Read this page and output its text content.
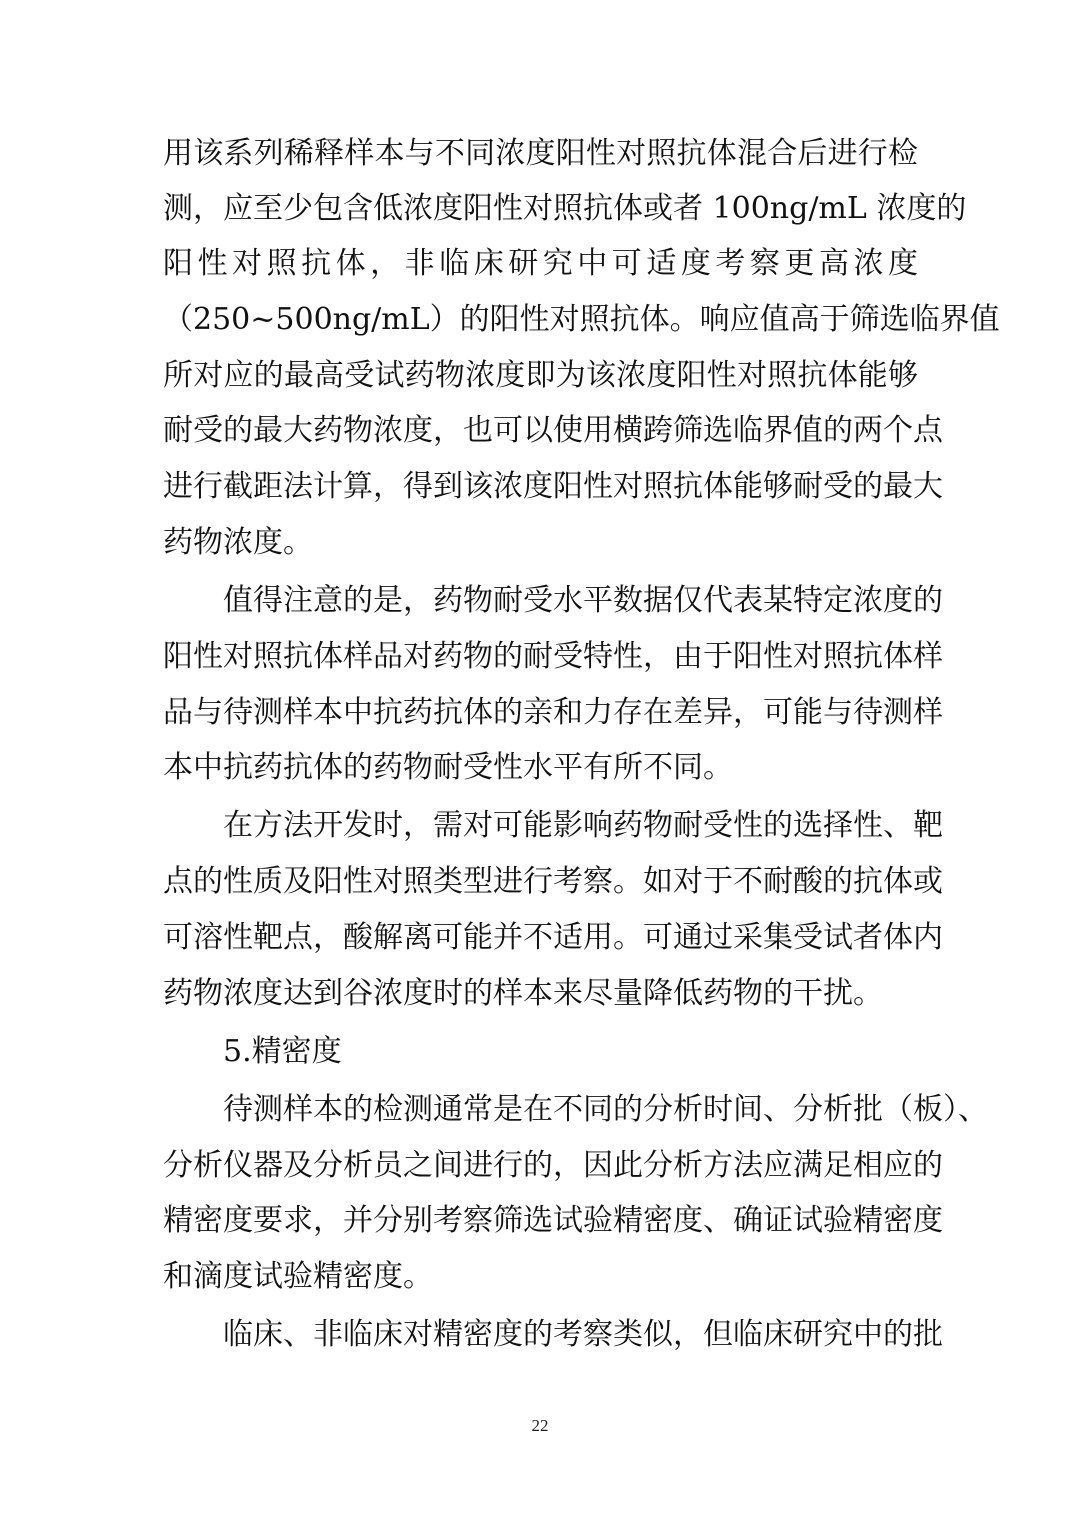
用该系列稀释样本与不同浓度阳性对照抗体混合后进行检
测，应至少包含低浓度阳性对照抗体或者 100ng/mL 浓度的
阳性对照抗体，非临床研究中可适度考察更高浓度
（250~500ng/mL）的阳性对照抗体。响应值高于筛选临界值
所对应的最高受试药物浓度即为该浓度阳性对照抗体能够
耐受的最大药物浓度，也可以使用横跨筛选临界值的两个点
进行截距法计算，得到该浓度阳性对照抗体能够耐受的最大
药物浓度。
值得注意的是，药物耐受水平数据仅代表某特定浓度的
阳性对照抗体样品对药物的耐受特性，由于阳性对照抗体样
品与待测样本中抗药抗体的亲和力存在差异，可能与待测样
本中抗药抗体的药物耐受性水平有所不同。
在方法开发时，需对可能影响药物耐受性的选择性、靶
点的性质及阳性对照类型进行考察。如对于不耐酸的抗体或
可溶性靶点，酸解离可能并不适用。可通过采集受试者体内
药物浓度达到谷浓度时的样本来尽量降低药物的干扰。
5.精密度
待测样本的检测通常是在不同的分析时间、分析批（板）、
分析仪器及分析员之间进行的，因此分析方法应满足相应的
精密度要求，并分别考察筛选试验精密度、确证试验精密度
和滴度试验精密度。
临床、非临床对精密度的考察类似，但临床研究中的批
22
